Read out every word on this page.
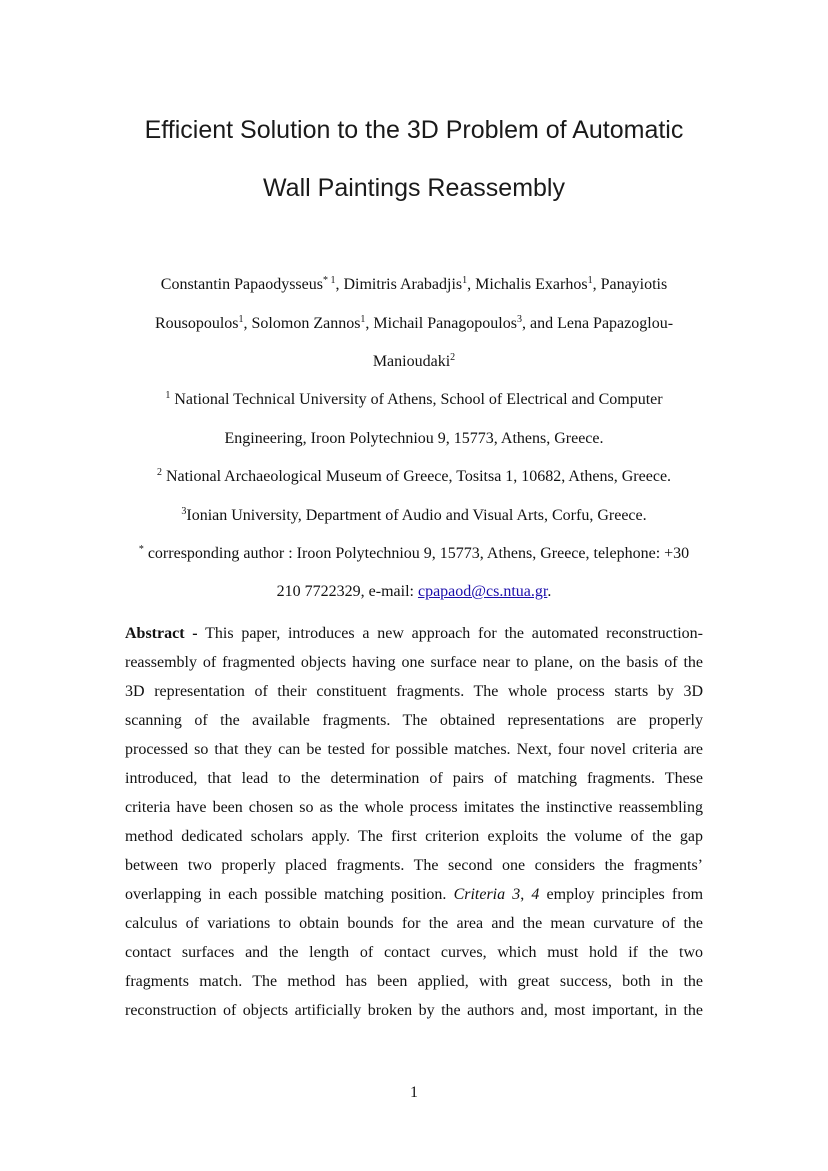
Efficient Solution to the 3D Problem of Automatic
Wall Paintings Reassembly
Constantin Papaodysseus$^{* 1}$, Dimitris Arabadjis$^1$, Michalis Exarhos$^1$, Panayiotis
Rousopoulos$^1$, Solomon Zannos$^1$, Michail Panagopoulos$^3$, and Lena Papazoglou-
Manioudaki$^2$
$^1$ National Technical University of Athens, School of Electrical and Computer
Engineering, Iroon Polytechniou 9, 15773, Athens, Greece.
$^2$ National Archaeological Museum of Greece, Tositsa 1, 10682, Athens, Greece.
$^3$Ionian University, Department of Audio and Visual Arts, Corfu, Greece.
* corresponding author : Iroon Polytechniou 9, 15773, Athens, Greece, telephone: +30
210 7722329, e-mail: cpapaod@cs.ntua.gr.
Abstract - This paper, introduces a new approach for the automated reconstruction-
reassembly of fragmented objects having one surface near to plane, on the basis of the
3D representation of their constituent fragments. The whole process starts by 3D
scanning of the available fragments. The obtained representations are properly
processed so that they can be tested for possible matches. Next, four novel criteria are
introduced, that lead to the determination of pairs of matching fragments. These
criteria have been chosen so as the whole process imitates the instinctive reassembling
method dedicated scholars apply. The first criterion exploits the volume of the gap
between two properly placed fragments. The second one considers the fragments’
overlapping in each possible matching position. Criteria 3, 4 employ principles from
calculus of variations to obtain bounds for the area and the mean curvature of the
contact surfaces and the length of contact curves, which must hold if the two
fragments match. The method has been applied, with great success, both in the
reconstruction of objects artificially broken by the authors and, most important, in the
1
